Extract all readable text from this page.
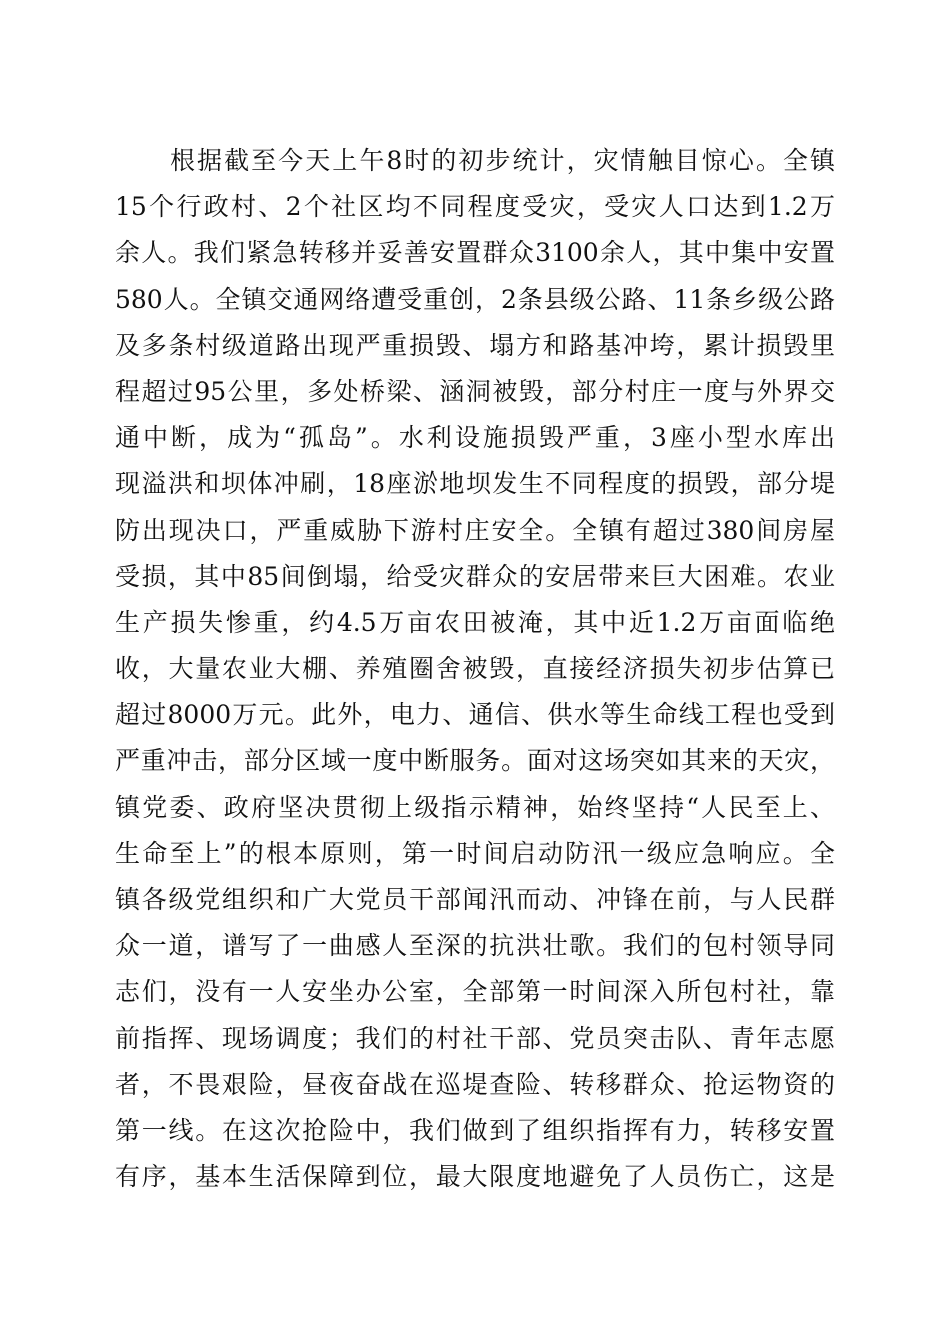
根据截至今天上午8时的初步统计，灾情触目惊心。全镇
15个行政村、2个社区均不同程度受灾，受灾人口达到1.2万
余人。我们紧急转移并妥善安置群众3100余人，其中集中安置
580人。全镇交通网络遭受重创，2条县级公路、11条乡级公路
及多条村级道路出现严重损毁、塌方和路基冲垮，累计损毁里
程超过95公里，多处桥梁、涵洞被毁，部分村庄一度与外界交
通中断，成为“孤岛”。水利设施损毁严重，3座小型水库出
现溢洪和坝体冲刷，18座淤地坝发生不同程度的损毁，部分堤
防出现决口，严重威胁下游村庄安全。全镇有超过380间房屋
受损，其中85间倒塌，给受灾群众的安居带来巨大困难。农业
生产损失惨重，约4.5万亩农田被淹，其中近1.2万亩面临绝
收，大量农业大棚、养殖圈舍被毁，直接经济损失初步估算已
超过8000万元。此外，电力、通信、供水等生命线工程也受到
严重冲击，部分区域一度中断服务。面对这场突如其来的天灾，
镇党委、政府坚决贯彻上级指示精神，始终坚持“人民至上、
生命至上”的根本原则，第一时间启动防汛一级应急响应。全
镇各级党组织和广大党员干部闻汛而动、冲锋在前，与人民群
众一道，谱写了一曲感人至深的抗洪壮歌。我们的包村领导同
志们，没有一人安坐办公室，全部第一时间深入所包村社，靠
前指挥、现场调度；我们的村社干部、党员突击队、青年志愿
者，不畏艰险，昼夜奋战在巡堤查险、转移群众、抢运物资的
第一线。在这次抢险中，我们做到了组织指挥有力，转移安置
有序，基本生活保障到位，最大限度地避免了人员伤亡，这是
